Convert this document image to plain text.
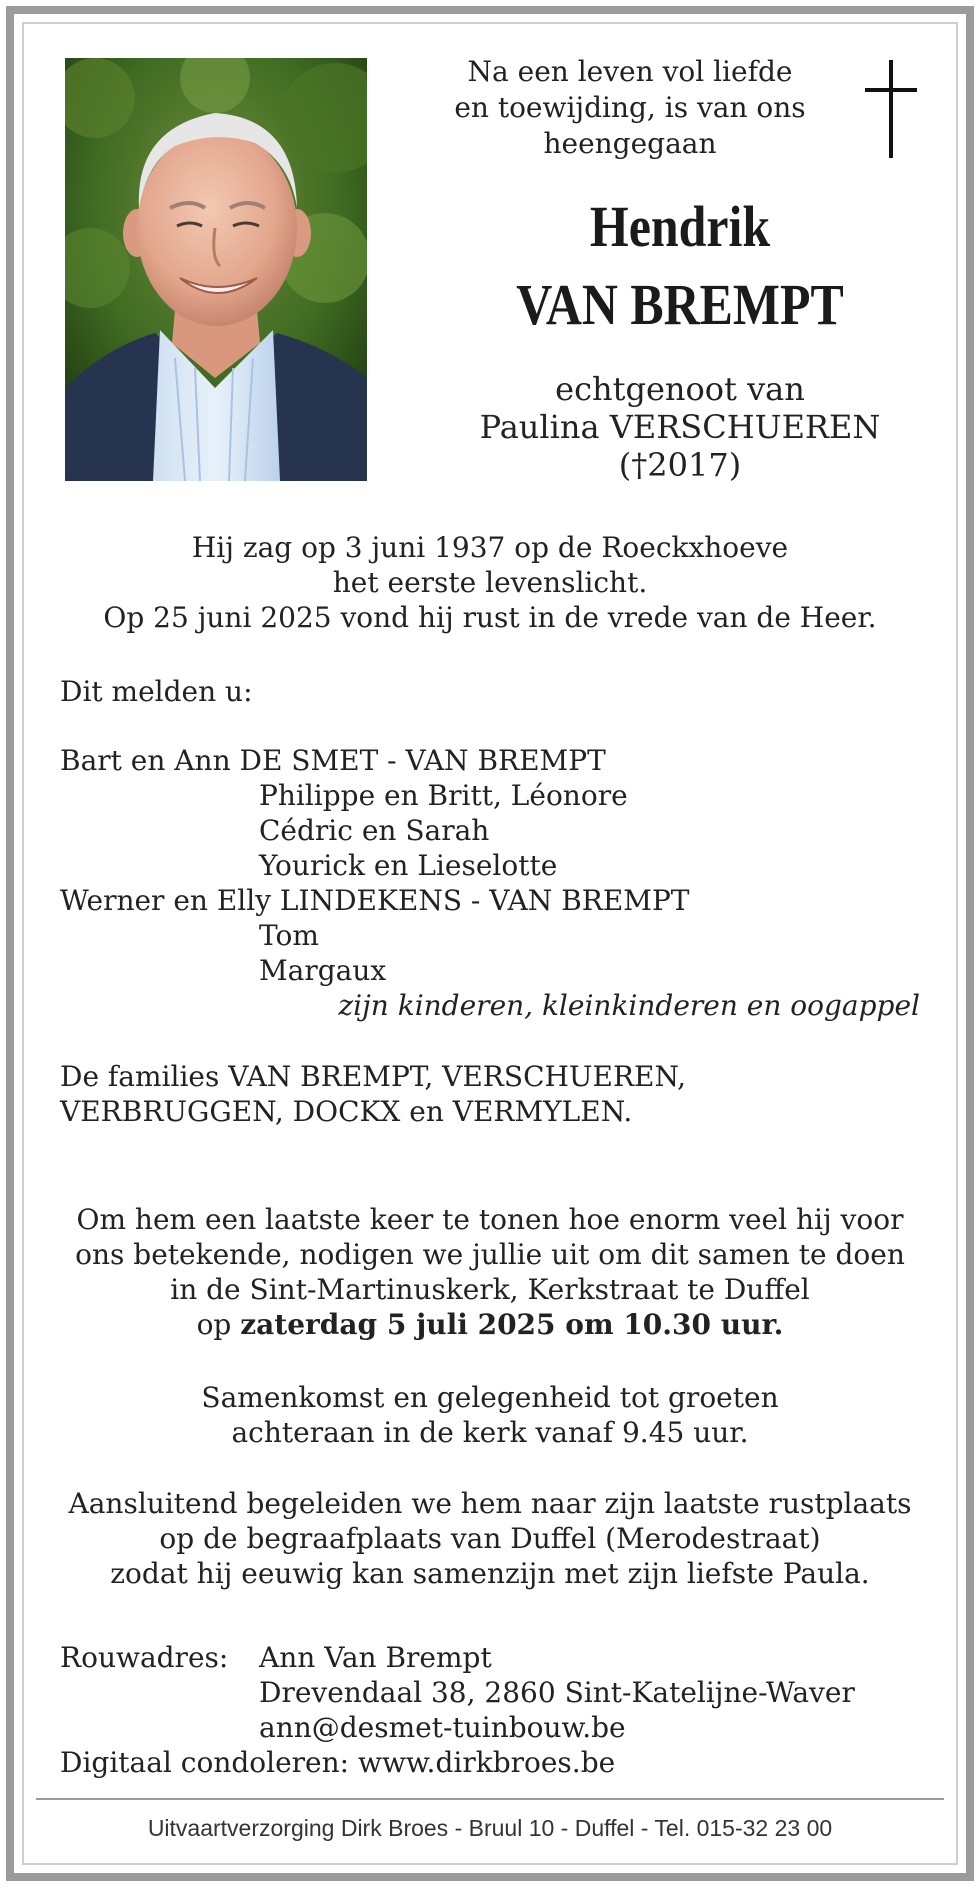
Na een leven vol liefde
en toewijding, is van ons
heengegaan
Hendrik
VAN BREMPT
echtgenoot van
Paulina VERSCHUEREN
(†2017)
Hij zag op 3 juni 1937 op de Roeckxhoeve
het eerste levenslicht.
Op 25 juni 2025 vond hij rust in de vrede van de Heer.
Dit melden u:
Bart en Ann DE SMET - VAN BREMPT
Philippe en Britt, Léonore
Cédric en Sarah
Yourick en Lieselotte
Werner en Elly LINDEKENS - VAN BREMPT
Tom
Margaux
zijn kinderen, kleinkinderen en oogappel
De families VAN BREMPT, VERSCHUEREN,
VERBRUGGEN, DOCKX en VERMYLEN.
Om hem een laatste keer te tonen hoe enorm veel hij voor
ons betekende, nodigen we jullie uit om dit samen te doen
in de Sint-Martinuskerk, Kerkstraat te Duffel
op zaterdag 5 juli 2025 om 10.30 uur.
Samenkomst en gelegenheid tot groeten
achteraan in de kerk vanaf 9.45 uur.
Aansluitend begeleiden we hem naar zijn laatste rustplaats
op de begraafplaats van Duffel (Merodestraat)
zodat hij eeuwig kan samenzijn met zijn liefste Paula.
Rouwadres: Ann Van Brempt
Drevendaal 38, 2860 Sint-Katelijne-Waver
ann@desmet-tuinbouw.be
Digitaal condoleren: www.dirkbroes.be
Uitvaartverzorging Dirk Broes - Bruul 10 - Duffel - Tel. 015-32 23 00
